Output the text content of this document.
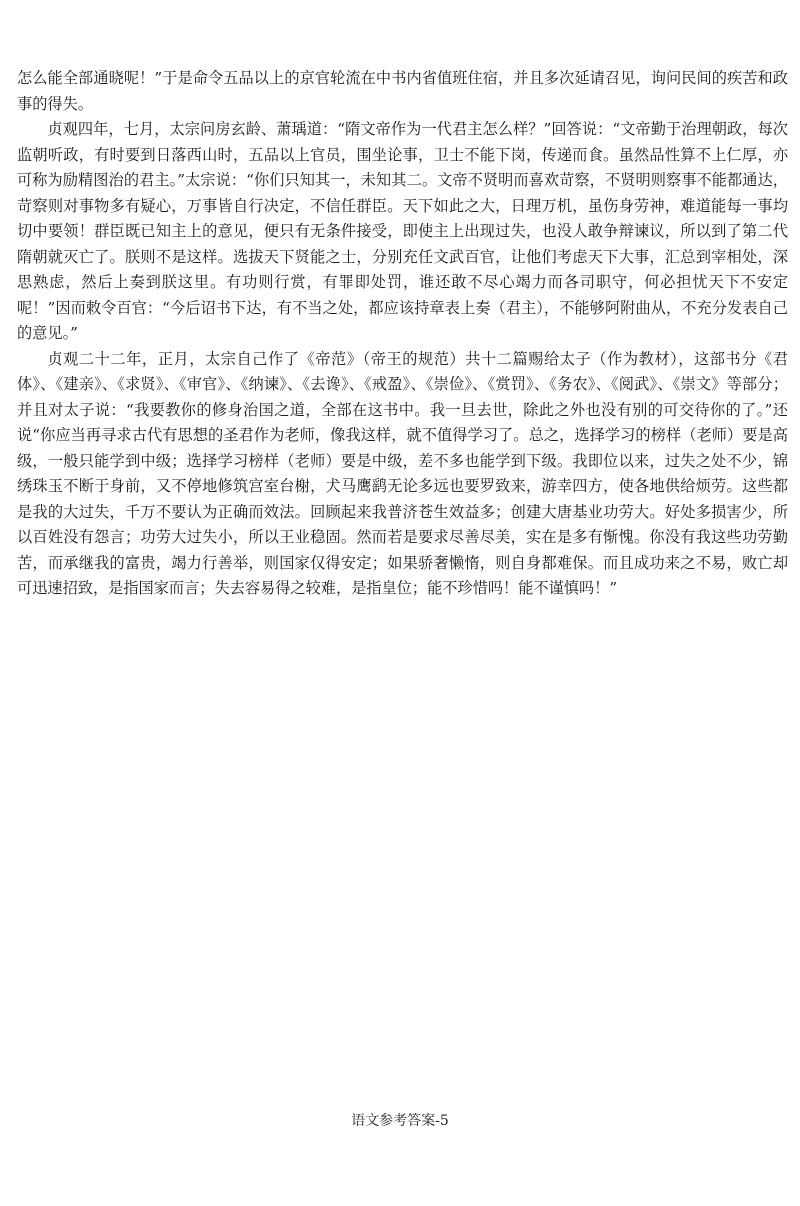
怎么能全部通晓呢！”于是命令五品以上的京官轮流在中书内省值班住宿，并且多次延请召见，询问民间的疾苦和政事的得失。

贞观四年，七月，太宗问房玄龄、萧瑀道：“隋文帝作为一代君主怎么样？”回答说：“文帝勤于治理朝政，每次监朝听政，有时要到日落西山时，五品以上官员，围坐论事，卫士不能下岗，传递而食。虽然品性算不上仁厚，亦可称为励精图治的君主。”太宗说：“你们只知其一，未知其二。文帝不贤明而喜欢苛察，不贤明则察事不能都通达，苛察则对事物多有疑心，万事皆自行决定，不信任群臣。天下如此之大，日理万机，虽伤身劳神，难道能每一事均切中要领！群臣既已知主上的意见，便只有无条件接受，即使主上出现过失，也没人敢争辩谏议，所以到了第二代隋朝就灭亡了。朕则不是这样。选拔天下贤能之士，分别充任文武百官，让他们考虑天下大事，汇总到宰相处，深思熟虑，然后上奏到朕这里。有功则行赏，有罪即处罚，谁还敢不尽心竭力而各司职守，何必担忧天下不安定呢！”因而敕令百官：“今后诏书下达，有不当之处，都应该持章表上奏（君主），不能够阿附曲从，不充分发表自己的意见。”

贞观二十二年，正月，太宗自己作了《帝范》（帝王的规范）共十二篇赐给太子（作为教材），这部书分《君体》、《建亲》、《求贤》、《审官》、《纳谏》、《去谗》、《戒盈》、《崇俭》、《赏罚》、《务农》、《阅武》、《崇文》等部分；并且对太子说：“我要教你的修身治国之道，全部在这书中。我一旦去世，除此之外也没有别的可交待你的了。”还说“你应当再寻求古代有思想的圣君作为老师，像我这样，就不值得学习了。总之，选择学习的榜样（老师）要是高级，一般只能学到中级；选择学习榜样（老师）要是中级，差不多也能学到下级。我即位以来，过失之处不少，锦绣珠玉不断于身前，又不停地修筑宫室台榭，犬马鹰鹞无论多远也要罗致来，游幸四方，使各地供给烦劳。这些都是我的大过失，千万不要认为正确而效法。回顾起来我普济苍生效益多；创建大唐基业功劳大。好处多损害少，所以百姓没有怨言；功劳大过失小，所以王业稳固。然而若是要求尽善尽美，实在是多有惭愧。你没有我这些功劳勤苦，而承继我的富贵，竭力行善举，则国家仅得安定；如果骄奢懒惰，则自身都难保。而且成功来之不易，败亡却可迅速招致，是指国家而言；失去容易得之较难，是指皇位；能不珍惜吗！能不谨慎吗！”

语文参考答案-5
